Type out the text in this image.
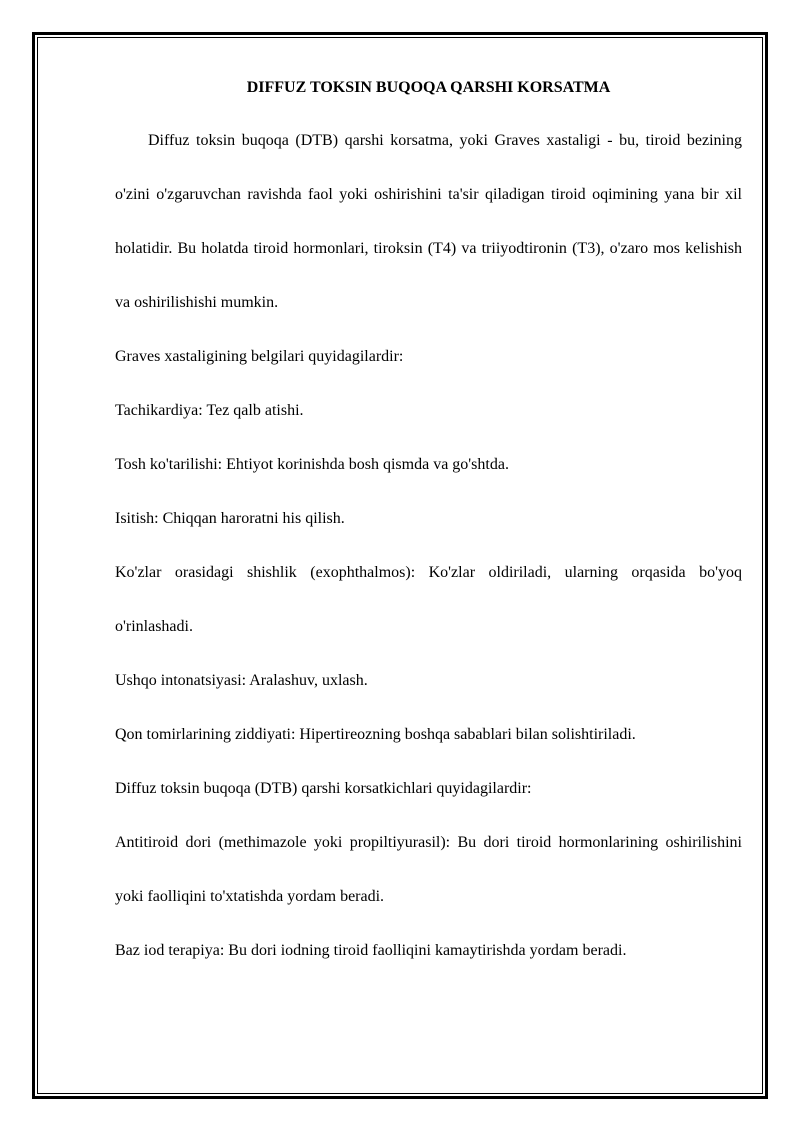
DIFFUZ TOKSIN BUQOQA QARSHI KORSATMA

Diffuz toksin buqoqa (DTB) qarshi korsatma, yoki Graves xastaligi - bu, tiroid bezining o'zini o'zgaruvchan ravishda faol yoki oshirishini ta'sir qiladigan tiroid oqimining yana bir xil holatidir. Bu holatda tiroid hormonlari, tiroksin (T4) va triiyodtironin (T3), o'zaro mos kelishish va oshirilishishi mumkin.

Graves xastaligining belgilari quyidagilardir:

Tachikardiya: Tez qalb atishi.

Tosh ko'tarilishi: Ehtiyot korinishda bosh qismda va go'shtda.

Isitish: Chiqqan haroratni his qilish.

Ko'zlar orasidagi shishlik (exophthalmos): Ko'zlar oldiriladi, ularning orqasida bo'yoq o'rinlashadi.

Ushqo intonatsiyasi: Aralashuv, uxlash.

Qon tomirlarining ziddiyati: Hipertireozning boshqa sabablari bilan solishtiriladi.

Diffuz toksin buqoqa (DTB) qarshi korsatkichlari quyidagilardir:

Antitiroid dori (methimazole yoki propiltiyurasil): Bu dori tiroid hormonlarining oshirilishini yoki faolliqini to'xtatishda yordam beradi.

Baz iod terapiya: Bu dori iodning tiroid faolliqini kamaytirishda yordam beradi.
